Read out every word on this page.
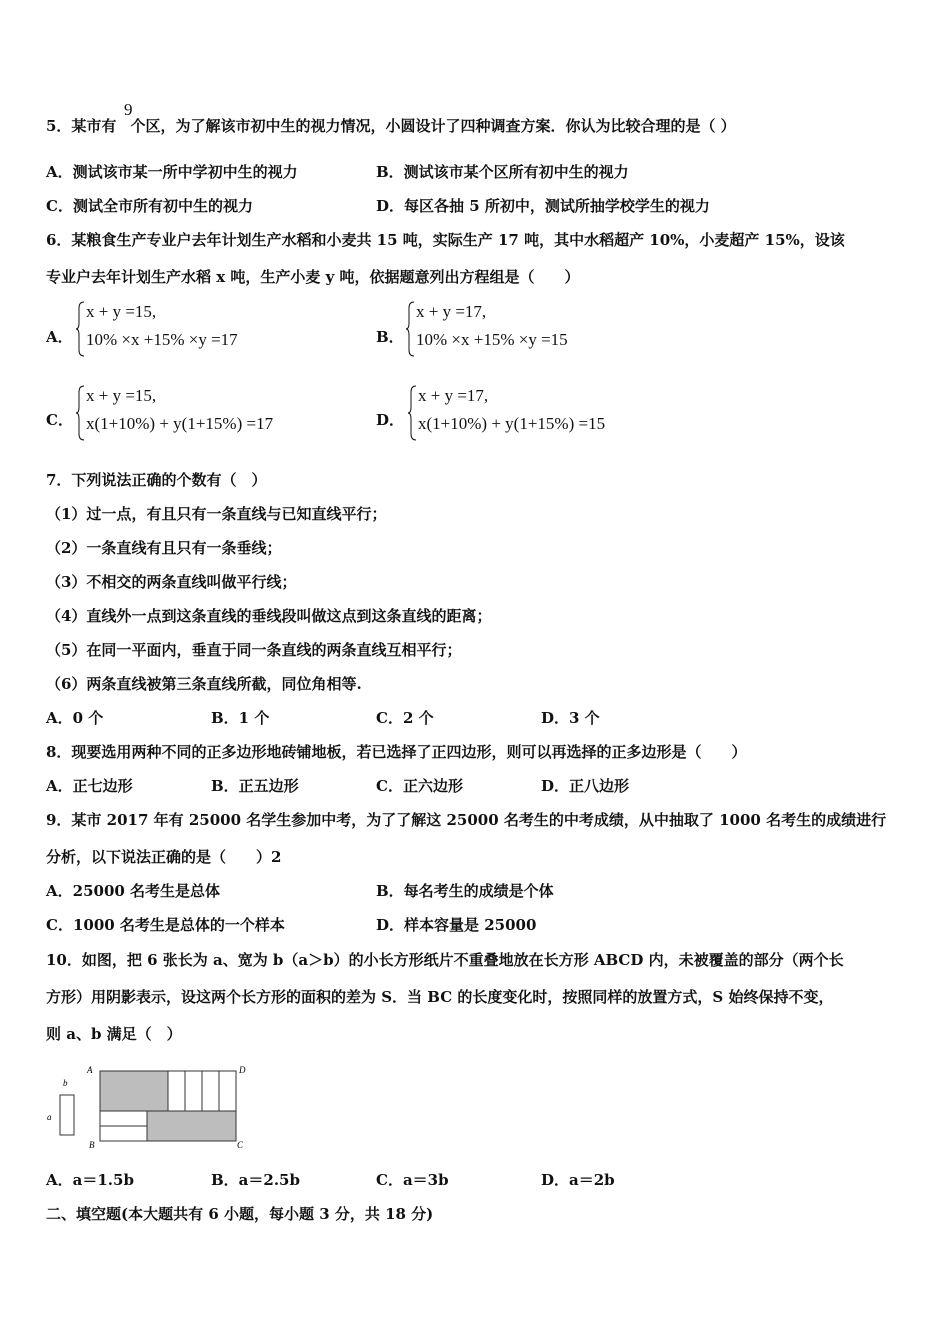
9
5．某市有 个区，为了解该市初中生的视力情况，小圆设计了四种调查方案．你认为比较合理的是（ ）
A．测试该市某一所中学初中生的视力	B．测试该市某个区所有初中生的视力
C．测试全市所有初中生的视力	D．每区各抽 5 所初中，测试所抽学校学生的视力
6．某粮食生产专业户去年计划生产水稻和小麦共 15 吨，实际生产 17 吨，其中水稻超产 10%，小麦超产 15%，设该
专业户去年计划生产水稻 x 吨，生产小麦 y 吨，依据题意列出方程组是（　　）
A．
x + y =15,
10% ×x +15% ×y =17	B．
x + y =17,
10% ×x +15% ×y =15
C．
x + y =15,
x(1+10%) + y(1+15%) =17	D．
x + y =17,
x(1+10%) + y(1+15%) =15
7．下列说法正确的个数有（　）
（1）过一点，有且只有一条直线与已知直线平行；
（2）一条直线有且只有一条垂线；
（3）不相交的两条直线叫做平行线；
（4）直线外一点到这条直线的垂线段叫做这点到这条直线的距离；
（5）在同一平面内，垂直于同一条直线的两条直线互相平行；
（6）两条直线被第三条直线所截，同位角相等.
A．0 个	B．1 个	C．2 个	D．3 个
8．现要选用两种不同的正多边形地砖铺地板，若已选择了正四边形，则可以再选择的正多边形是（　　）
A．正七边形	B．正五边形	C．正六边形	D．正八边形
9．某市 2017 年有 25000 名学生参加中考，为了了解这 25000 名考生的中考成绩，从中抽取了 1000 名考生的成绩进行
分析，以下说法正确的是（　　）2
A．25000 名考生是总体	B．每名考生的成绩是个体
C．1000 名考生是总体的一个样本	D．样本容量是 25000
10．如图，把 6 张长为 a、宽为 b（a＞b）的小长方形纸片不重叠地放在长方形 ABCD 内，未被覆盖的部分（两个长
方形）用阴影表示，设这两个长方形的面积的差为 S．当 BC 的长度变化时，按照同样的放置方式，S 始终保持不变，
则 a、b 满足（　）
b
a
A	D
B	C
A．a＝1.5b	B．a＝2.5b	C．a＝3b	D．a＝2b
二、填空题(本大题共有 6 小题，每小题 3 分，共 18 分)
